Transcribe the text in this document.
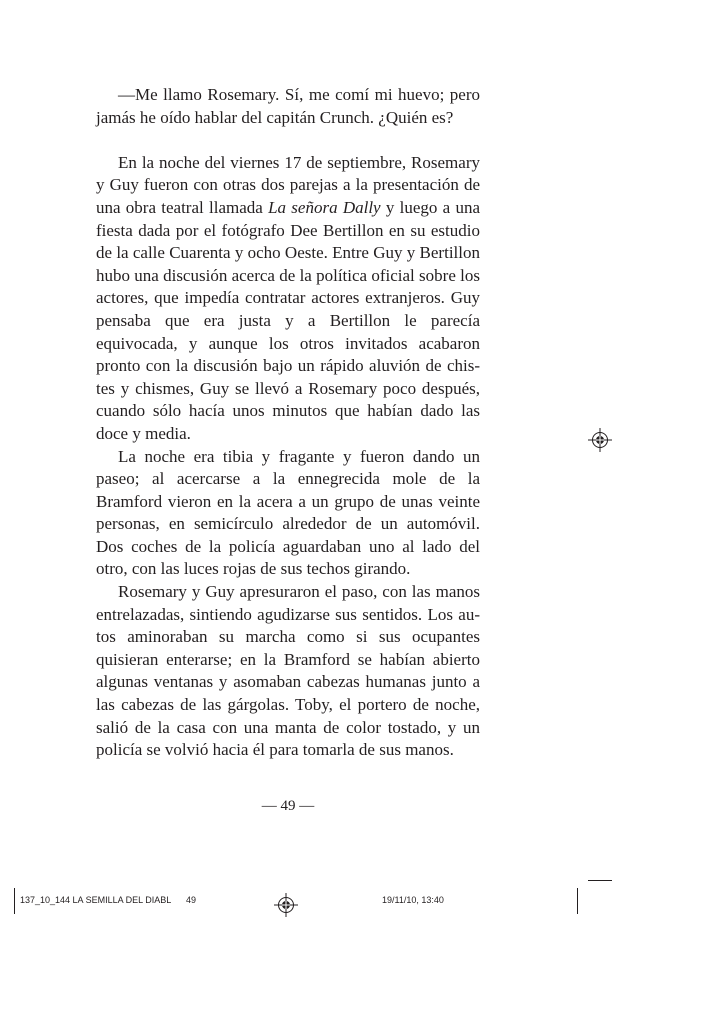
—Me llamo Rosemary. Sí, me comí mi huevo; pero jamás he oído hablar del capitán Crunch. ¿Quién es?

En la noche del viernes 17 de septiembre, Rosemary y Guy fueron con otras dos parejas a la presentación de una obra teatral llamada La señora Dally y luego a una fiesta dada por el fotógrafo Dee Bertillon en su estudio de la calle Cuarenta y ocho Oeste. Entre Guy y Bertillon hubo una discusión acerca de la política oficial sobre los actores, que impedía contratar actores extranjeros. Guy pensaba que era justa y a Bertillon le parecía equivocada, y aunque los otros invitados acabaron pronto con la discusión bajo un rápido aluvión de chistes y chismes, Guy se llevó a Rosemary poco después, cuando sólo hacía unos minutos que habían dado las doce y media.

La noche era tibia y fragante y fueron dando un paseo; al acercarse a la ennegrecida mole de la Bramford vieron en la acera a un grupo de unas veinte personas, en semicírculo alrededor de un automóvil. Dos coches de la policía aguardaban uno al lado del otro, con las luces rojas de sus techos girando.

Rosemary y Guy apresuraron el paso, con las manos entrelazadas, sintiendo agudizarse sus sentidos. Los autos aminoraban su marcha como si sus ocupantes quisieran enterarse; en la Bramford se habían abierto algunas ventanas y asomaban cabezas humanas junto a las cabezas de las gárgolas. Toby, el portero de noche, salió de la casa con una manta de color tostado, y un policía se volvió hacia él para tomarla de sus manos.

— 49 —
137_10_144 LA SEMILLA DEL DIABL 49	19/11/10, 13:40
